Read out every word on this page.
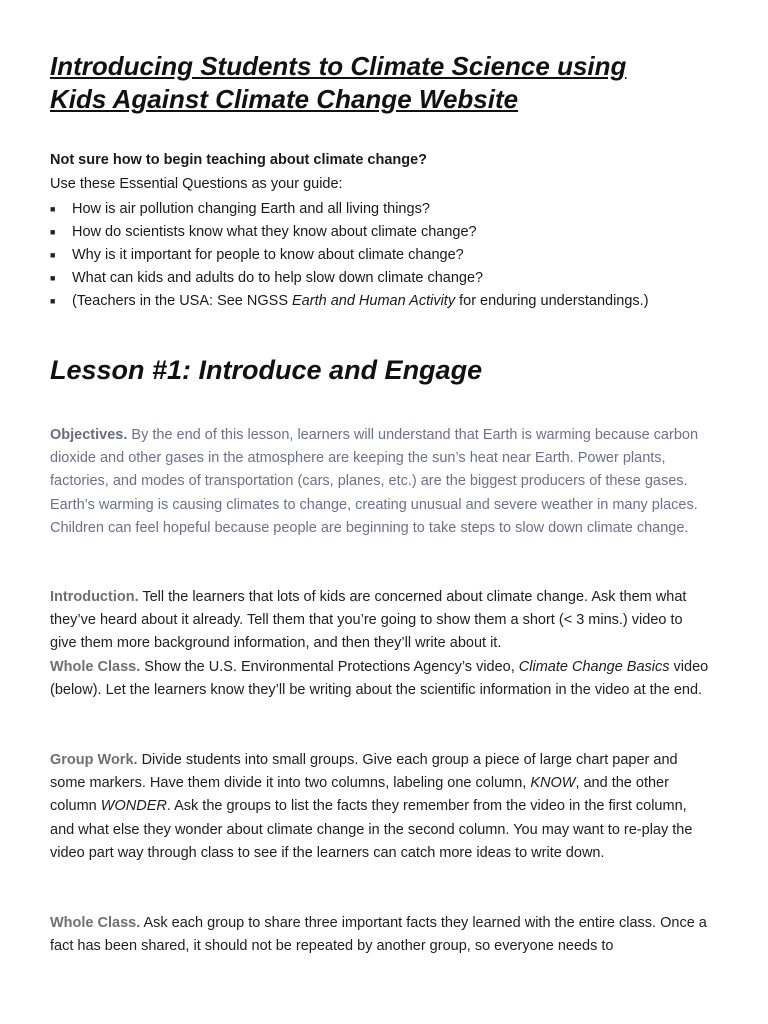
Introducing Students to Climate Science using
Kids Against Climate Change Website

Not sure how to begin teaching about climate change?

Use these Essential Questions as your guide:

■	How is air pollution changing Earth and all living things?
■	How do scientists know what they know about climate change?
■	Why is it important for people to know about climate change?
■	What can kids and adults do to help slow down climate change?
■	(Teachers in the USA: See NGSS Earth and Human Activity for enduring understandings.)
Lesson #1: Introduce and Engage

Objectives. By the end of this lesson, learners will understand that Earth is warming because carbon dioxide and other gases in the atmosphere are keeping the sun’s heat near Earth. Power plants, factories, and modes of transportation (cars, planes, etc.) are the biggest producers of these gases. Earth’s warming is causing climates to change, creating unusual and severe weather in many places. Children can feel hopeful because people are beginning to take steps to slow down climate change.

Introduction. Tell the learners that lots of kids are concerned about climate change. Ask them what they’ve heard about it already. Tell them that you’re going to show them a short (< 3 mins.) video to give them more background information, and then they’ll write about it.

Whole Class. Show the U.S. Environmental Protections Agency’s video, Climate Change Basics video (below). Let the learners know they’ll be writing about the scientific information in the video at the end.

Group Work. Divide students into small groups. Give each group a piece of large chart paper and some markers. Have them divide it into two columns, labeling one column, KNOW, and the other column WONDER. Ask the groups to list the facts they remember from the video in the first column, and what else they wonder about climate change in the second column. You may want to re-play the video part way through class to see if the learners can catch more ideas to write down.

Whole Class. Ask each group to share three important facts they learned with the entire class. Once a fact has been shared, it should not be repeated by another group, so everyone needs to
